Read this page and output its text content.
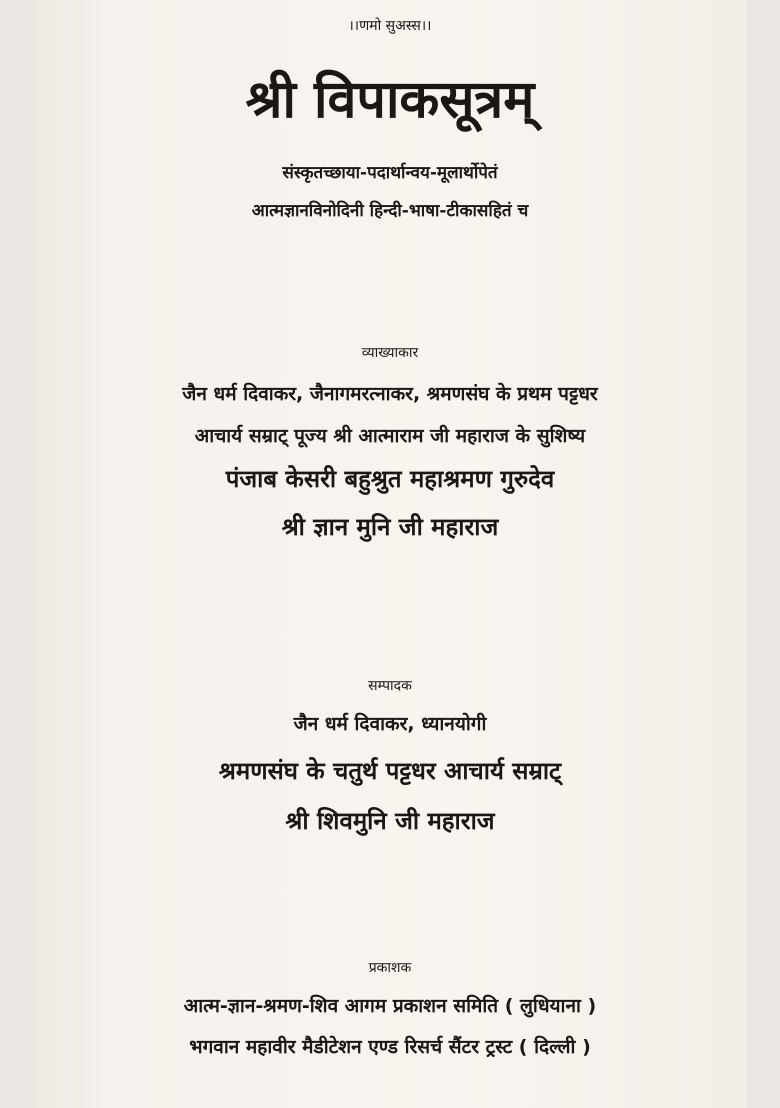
।।णमो सुअस्स।।
श्री विपाकसूत्रम्
संस्कृतच्छाया-पदार्थान्वय-मूलार्थोपेतं
आत्मज्ञानविनोदिनी हिन्दी-भाषा-टीकासहितं च
व्याख्याकार
जैन धर्म दिवाकर, जैनागमरत्नाकर, श्रमणसंघ के प्रथम पट्टधर
आचार्य सम्राट् पूज्य श्री आत्माराम जी महाराज के सुशिष्य
पंजाब केसरी बहुश्रुत महाश्रमण गुरुदेव
श्री ज्ञान मुनि जी महाराज
सम्पादक
जैन धर्म दिवाकर, ध्यानयोगी
श्रमणसंघ के चतुर्थ पट्टधर आचार्य सम्राट्
श्री शिवमुनि जी महाराज
प्रकाशक
आत्म-ज्ञान-श्रमण-शिव आगम प्रकाशन समिति ( लुधियाना )
भगवान महावीर मैडीटेशन एण्ड रिसर्च सैंटर ट्रस्ट ( दिल्ली )
